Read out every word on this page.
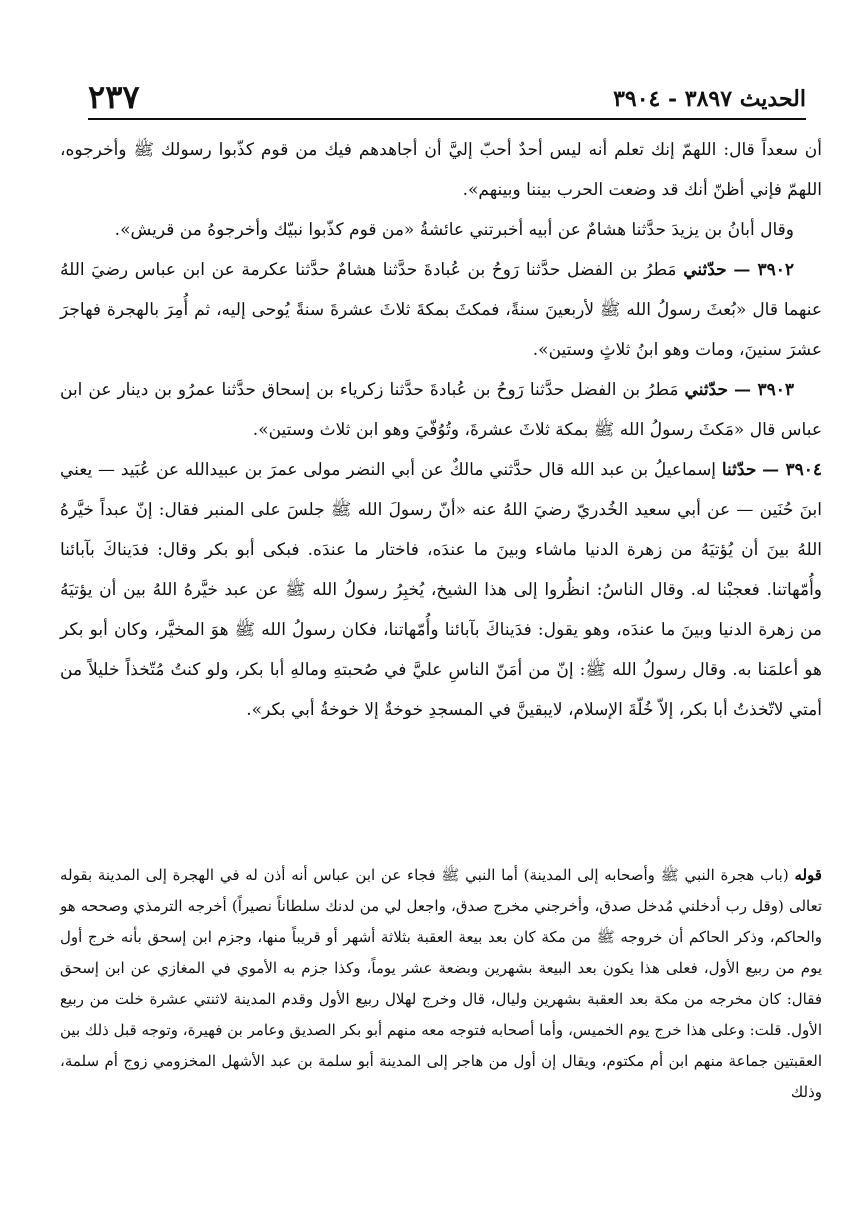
الحديث ٣٨٩٧ - ٣٩٠٤
٢٣٧

أن سعداً قال: اللهمّ إنك تعلم أنه ليس أحدٌ أحبّ إليَّ أن أجاهدهم فيك من قوم كذّبوا رسولك ﷺ وأخرجوه، اللهمّ فإني أظنّ أنك قد وضعت الحرب بيننا وبينهم».

وقال أبانُ بن يزيدَ حدَّثنا هشامٌ عن أبيه أخبرتني عائشةُ «من قوم كذّبوا نبيّك وأخرجوهُ من قريش».

٣٩٠٢ — حدّثني مَطرُ بن الفضل حدَّثنا رَوحُ بن عُبادةَ حدَّثنا هشامٌ حدَّثنا عكرمة عن ابن عباس رضيَ اللهُ عنهما قال «بُعثَ رسولُ الله ﷺ لأربعينَ سنةً، فمكثَ بمكةَ ثلاثَ عشرةَ سنةً يُوحى إليه، ثم أُمِرَ بالهجرة فهاجرَ عشرَ سنينَ، ومات وهو ابنُ ثلاثٍ وستين».

٣٩٠٣ — حدّثني مَطرُ بن الفضل حدَّثنا رَوحُ بن عُبادةَ حدَّثنا زكرياء بن إسحاق حدَّثنا عمرُو بن دينار عن ابن عباس قال «مَكثَ رسولُ الله ﷺ بمكة ثلاثَ عشرةَ، وتُوُفّيَ وهو ابن ثلاث وستين».

٣٩٠٤ — حدّثنا إسماعيلُ بن عبد الله قال حدَّثني مالكٌ عن أبي النضر مولى عمرَ بن عبيدالله عن عُبَيد — يعني ابنَ حُنَين — عن أبي سعيد الخُدريّ رضيَ اللهُ عنه «أنّ رسولَ الله ﷺ جلسَ على المنبر فقال: إنّ عبداً خيَّرهُ اللهُ بينَ أن يُؤتيَهُ من زهرة الدنيا ماشاء وبينَ ما عندَه، فاختار ما عندَه. فبكى أبو بكر وقال: فدَيناكَ بآبائنا وأُمّهاتنا. فعجبْنا له. وقال الناسُ: انظُروا إلى هذا الشيخ، يُخبِرُ رسولُ الله ﷺ عن عبد خيَّرهُ اللهُ بين أن يؤتيَهُ من زهرة الدنيا وبينَ ما عندَه، وهو يقول: فدَيناكَ بآبائنا وأُمّهاتنا، فكان رسولُ الله ﷺ هوَ المخيَّر، وكان أبو بكر هو أعلمَنا به. وقال رسولُ الله ﷺ: إنّ من أمَنّ الناسِ عليَّ في صُحبتهِ ومالهِ أبا بكر، ولو كنتُ مُتّخذاً خليلاً من أمتي لاتّخذتُ أبا بكر، إلاّ خُلّةَ الإسلام، لايبقينَّ في المسجدِ خوخةٌ إلا خوخةُ أبي بكر».

قوله (باب هجرة النبي ﷺ وأصحابه إلى المدينة) أما النبي ﷺ فجاء عن ابن عباس أنه أذن له في الهجرة إلى المدينة بقوله تعالى (وقل رب أدخلني مُدخل صدق، وأخرجني مخرج صدق، واجعل لي من لدنك سلطاناً نصيراً) أخرجه الترمذي وصححه هو والحاكم، وذكر الحاكم أن خروجه ﷺ من مكة كان بعد بيعة العقبة بثلاثة أشهر أو قريباً منها، وجزم ابن إسحق بأنه خرج أول يوم من ربيع الأول، فعلى هذا يكون بعد البيعة بشهرين وبضعة عشر يوماً، وكذا جزم به الأموي في المغازي عن ابن إسحق فقال: كان مخرجه من مكة بعد العقبة بشهرين وليال، قال وخرج لهلال ربيع الأول وقدم المدينة لاثنتي عشرة خلت من ربيع الأول. قلت: وعلى هذا خرج يوم الخميس، وأما أصحابه فتوجه معه منهم أبو بكر الصديق وعامر بن فهيرة، وتوجه قبل ذلك بين العقبتين جماعة منهم ابن أم مكتوم، ويقال إن أول من هاجر إلى المدينة أبو سلمة بن عبد الأشهل المخزومي زوج أم سلمة، وذلك
